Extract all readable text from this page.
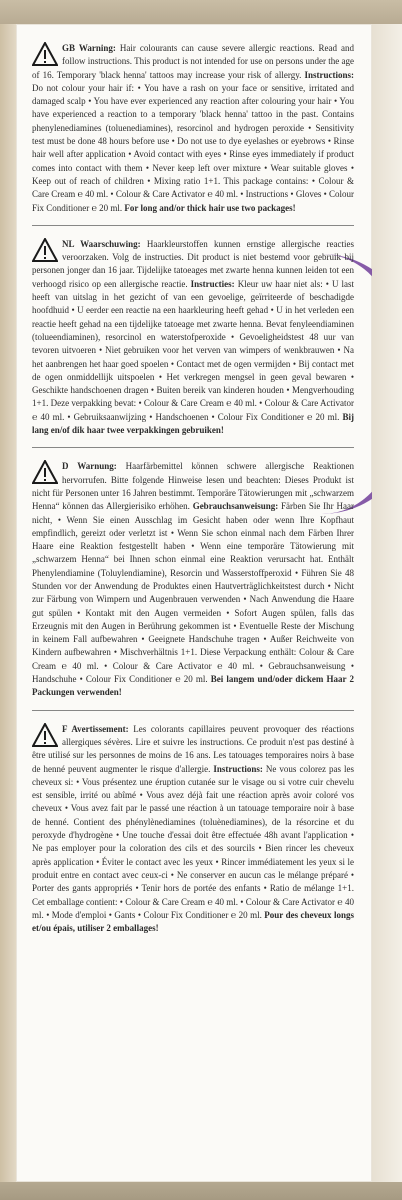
GB Warning: Hair colourants can cause severe allergic reactions. Read and follow instructions. This product is not intended for use on persons under the age of 16. Temporary 'black henna' tattoos may increase your risk of allergy. Instructions: Do not colour your hair if: • You have a rash on your face or sensitive, irritated and damaged scalp • You have ever experienced any reaction after colouring your hair • You have experienced a reaction to a temporary 'black henna' tattoo in the past. Contains phenylenediamines (toluenediamines), resorcinol and hydrogen peroxide • Sensitivity test must be done 48 hours before use • Do not use to dye eyelashes or eyebrows • Rinse hair well after application • Avoid contact with eyes • Rinse eyes immediately if product comes into contact with them • Never keep left over mixture • Wear suitable gloves • Keep out of reach of children • Mixing ratio 1+1. This package contains: • Colour & Care Cream ℮ 40 ml. • Colour & Care Activator ℮ 40 ml. • Instructions • Gloves • Colour Fix Conditioner ℮ 20 ml. For long and/or thick hair use two packages!
NL Waarschuwing: Haarkleurstoffen kunnen ernstige allergische reacties veroorzaken. Volg de instructies. Dit product is niet bestemd voor gebruik bij personen jonger dan 16 jaar. Tijdelijke tatoeages met zwarte henna kunnen leiden tot een verhoogd risico op een allergische reactie. Instructies: Kleur uw haar niet als: • U last heeft van uitslag in het gezicht of van een gevoelige, geïrriteerde of beschadigde hoofdhuid • U eerder een reactie na een haarkleuring heeft gehad • U in het verleden een reactie heeft gehad na een tijdelijke tatoeage met zwarte henna. Bevat fenyleendiaminen (tolueendiaminen), resorcinol en waterstofperoxide • Gevoeligheidstest 48 uur van tevoren uitvoeren • Niet gebruiken voor het verven van wimpers of wenkbrauwen • Na het aanbrengen het haar goed spoelen • Contact met de ogen vermijden • Bij contact met de ogen onmiddellijk uitspoelen • Het verkregen mengsel in geen geval bewaren • Geschikte handschoenen dragen • Buiten bereik van kinderen houden • Mengverhouding 1+1. Deze verpakking bevat: • Colour & Care Cream ℮ 40 ml. • Colour & Care Activator ℮ 40 ml. • Gebruiksaanwijzing • Handschoenen • Colour Fix Conditioner ℮ 20 ml. Bij lang en/of dik haar twee verpakkingen gebruiken!
D Warnung: Haarfärbemittel können schwere allergische Reaktionen hervorrufen. Bitte folgende Hinweise lesen und beachten: Dieses Produkt ist nicht für Personen unter 16 Jahren bestimmt. Temporäre Tätowierungen mit „schwarzem Henna“ können das Allergierisiko erhöhen. Gebrauchsanweisung: Färben Sie Ihr Haar nicht, • Wenn Sie einen Ausschlag im Gesicht haben oder wenn Ihre Kopfhaut empfindlich, gereizt oder verletzt ist • Wenn Sie schon einmal nach dem Färben Ihrer Haare eine Reaktion festgestellt haben • Wenn eine temporäre Tätowierung mit „schwarzem Henna“ bei Ihnen schon einmal eine Reaktion verursacht hat. Enthält Phenylendiamine (Toluylendiamine), Resorcin und Wasserstoffperoxid • Führen Sie 48 Stunden vor der Anwendung de Produktes einen Hautverträglichkeitstest durch • Nicht zur Färbung von Wimpern und Augenbrauen verwenden • Nach Anwendung die Haare gut spülen • Kontakt mit den Augen vermeiden • Sofort Augen spülen, falls das Erzeugnis mit den Augen in Berührung gekommen ist • Eventuelle Reste der Mischung in keinem Fall aufbewahren • Geeignete Handschuhe tragen • Außer Reichweite von Kindern aufbewahren • Mischverhältnis 1+1. Diese Verpackung enthält: Colour & Care Cream ℮ 40 ml. • Colour & Care Activator ℮ 40 ml. • Gebrauchsanweisung • Handschuhe • Colour Fix Conditioner ℮ 20 ml. Bei langem und/oder dickem Haar 2 Packungen verwenden!
F Avertissement: Les colorants capillaires peuvent provoquer des réactions allergiques sévères. Lire et suivre les instructions. Ce produit n'est pas destiné à être utilisé sur les personnes de moins de 16 ans. Les tatouages temporaires noirs à base de henné peuvent augmenter le risque d'allergie. Instructions: Ne vous colorez pas les cheveux si: • Vous présentez une éruption cutanée sur le visage ou si votre cuir chevelu est sensible, irrité ou abîmé • Vous avez déjà fait une réaction après avoir coloré vos cheveux • Vous avez fait par le passé une réaction à un tatouage temporaire noir à base de henné. Contient des phénylènediamines (toluènediamines), de la résorcine et du peroxyde d'hydrogène • Une touche d'essai doit être effectuée 48h avant l'application • Ne pas employer pour la coloration des cils et des sourcils • Bien rincer les cheveux après application • Éviter le contact avec les yeux • Rincer immédiatement les yeux si le produit entre en contact avec ceux-ci • Ne conserver en aucun cas le mélange préparé • Porter des gants appropriés • Tenir hors de portée des enfants • Ratio de mélange 1+1. Cet emballage contient: • Colour & Care Cream ℮ 40 ml. • Colour & Care Activator ℮ 40 ml. • Mode d'emploi • Gants • Colour Fix Conditioner ℮ 20 ml. Pour des cheveux longs et/ou épais, utiliser 2 emballages!
